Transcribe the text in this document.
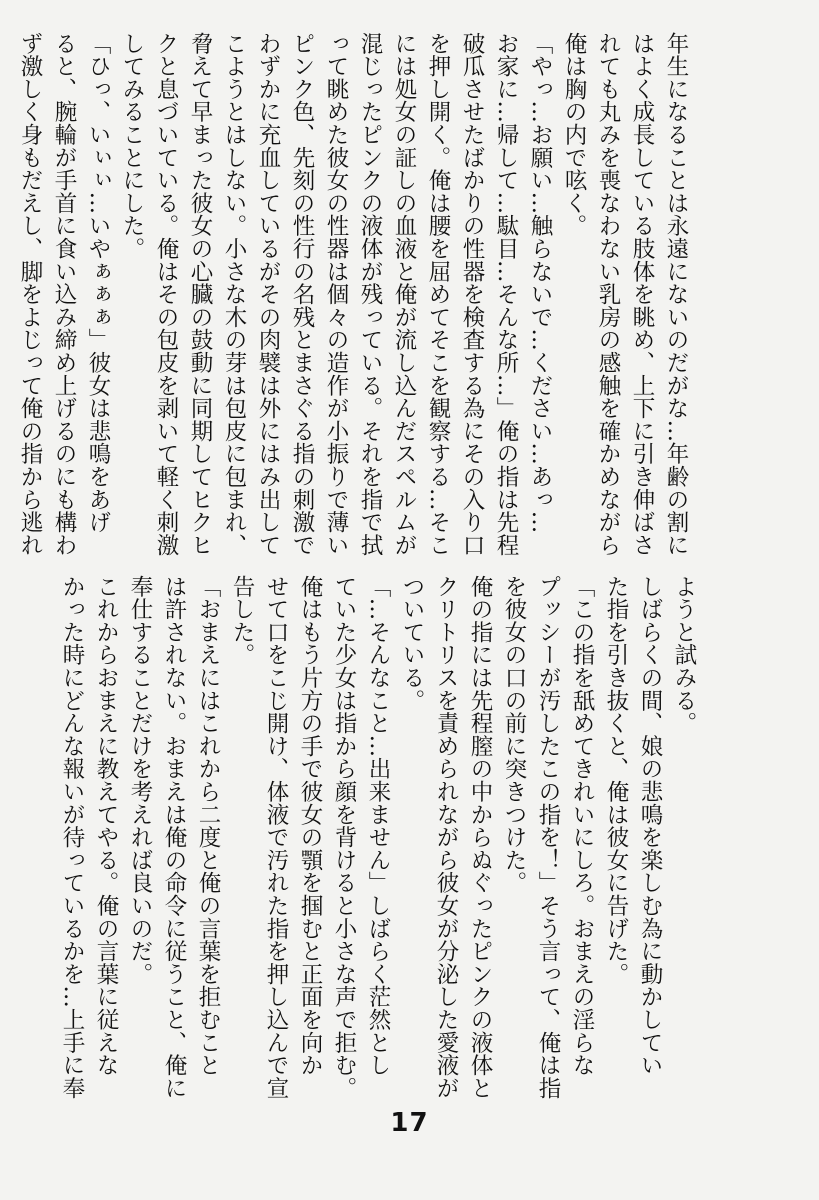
年生になることは永遠にないのだがな…年齢の割に
はよく成長している肢体を眺め、上下に引き伸ばさ
れても丸みを喪なわない乳房の感触を確かめながら
俺は胸の内で呟く。
「やっ…お願い…触らないで…ください…あっ…
お家に…帰して…駄目…そんな所…」俺の指は先程
破瓜させたばかりの性器を検査する為にその入り口
を押し開く。俺は腰を屈めてそこを観察する…そこ
には処女の証しの血液と俺が流し込んだスペルムが
混じったピンクの液体が残っている。それを指で拭
って眺めた彼女の性器は個々の造作が小振りで薄い
ピンク色、先刻の性行の名残とまさぐる指の刺激で
わずかに充血しているがその肉襞は外にはみ出して
こようとはしない。小さな木の芽は包皮に包まれ、
脅えて早まった彼女の心臓の鼓動に同期してヒクヒ
クと息づいている。俺はその包皮を剥いて軽く刺激
してみることにした。
「ひっ、いぃぃ…いやぁぁぁ」彼女は悲鳴をあげ
ると、腕輪が手首に食い込み締め上げるのにも構わ
ず激しく身もだえし、脚をよじって俺の指から逃れ
ようと試みる。
しばらくの間、娘の悲鳴を楽しむ為に動かしてい
た指を引き抜くと、俺は彼女に告げた。
「この指を舐めてきれいにしろ。おまえの淫らな
プッシーが汚したこの指を！」そう言って、俺は指
を彼女の口の前に突きつけた。
俺の指には先程膣の中からぬぐったピンクの液体と
クリトリスを責められながら彼女が分泌した愛液が
ついている。
「…そんなこと…出来ません」しばらく茫然とし
ていた少女は指から顔を背けると小さな声で拒む。
俺はもう片方の手で彼女の顎を掴むと正面を向か
せて口をこじ開け、体液で汚れた指を押し込んで宣
告した。
「おまえにはこれから二度と俺の言葉を拒むこと
は許されない。おまえは俺の命令に従うこと、俺に
奉仕することだけを考えれば良いのだ。
これからおまえに教えてやる。俺の言葉に従えな
かった時にどんな報いが待っているかを…上手に奉
17
